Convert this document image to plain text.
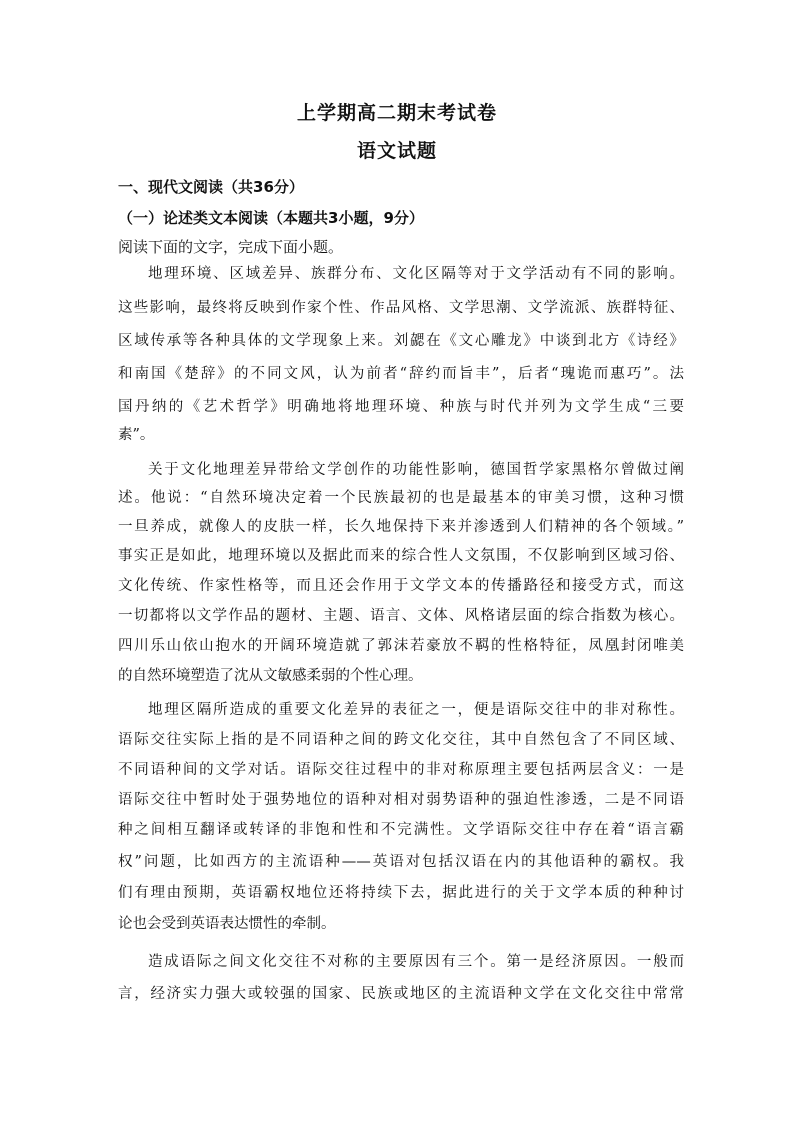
上学期高二期末考试卷
语文试题
一、现代文阅读（共36分）
（一）论述类文本阅读（本题共3小题，9分）
阅读下面的文字，完成下面小题。
地理环境、区域差异、族群分布、文化区隔等对于文学活动有不同的影响。
这些影响，最终将反映到作家个性、作品风格、文学思潮、文学流派、族群特征、
区域传承等各种具体的文学现象上来。刘勰在《文心雕龙》中谈到北方《诗经》
和南国《楚辞》的不同文风，认为前者“辞约而旨丰”，后者“瑰诡而惠巧”。法
国丹纳的《艺术哲学》明确地将地理环境、种族与时代并列为文学生成“三要
素”。
关于文化地理差异带给文学创作的功能性影响，德国哲学家黑格尔曾做过阐
述。他说：“自然环境决定着一个民族最初的也是最基本的审美习惯，这种习惯
一旦养成，就像人的皮肤一样，长久地保持下来并渗透到人们精神的各个领域。”
事实正是如此，地理环境以及据此而来的综合性人文氛围，不仅影响到区域习俗、
文化传统、作家性格等，而且还会作用于文学文本的传播路径和接受方式，而这
一切都将以文学作品的题材、主题、语言、文体、风格诸层面的综合指数为核心。
四川乐山依山抱水的开阔环境造就了郭沫若豪放不羁的性格特征，凤凰封闭唯美
的自然环境塑造了沈从文敏感柔弱的个性心理。
地理区隔所造成的重要文化差异的表征之一，便是语际交往中的非对称性。
语际交往实际上指的是不同语种之间的跨文化交往，其中自然包含了不同区域、
不同语种间的文学对话。语际交往过程中的非对称原理主要包括两层含义：一是
语际交往中暂时处于强势地位的语种对相对弱势语种的强迫性渗透，二是不同语
种之间相互翻译或转译的非饱和性和不完满性。文学语际交往中存在着“语言霸
权”问题，比如西方的主流语种——英语对包括汉语在内的其他语种的霸权。我
们有理由预期，英语霸权地位还将持续下去，据此进行的关于文学本质的种种讨
论也会受到英语表达惯性的牵制。
造成语际之间文化交往不对称的主要原因有三个。第一是经济原因。一般而
言，经济实力强大或较强的国家、民族或地区的主流语种文学在文化交往中常常
